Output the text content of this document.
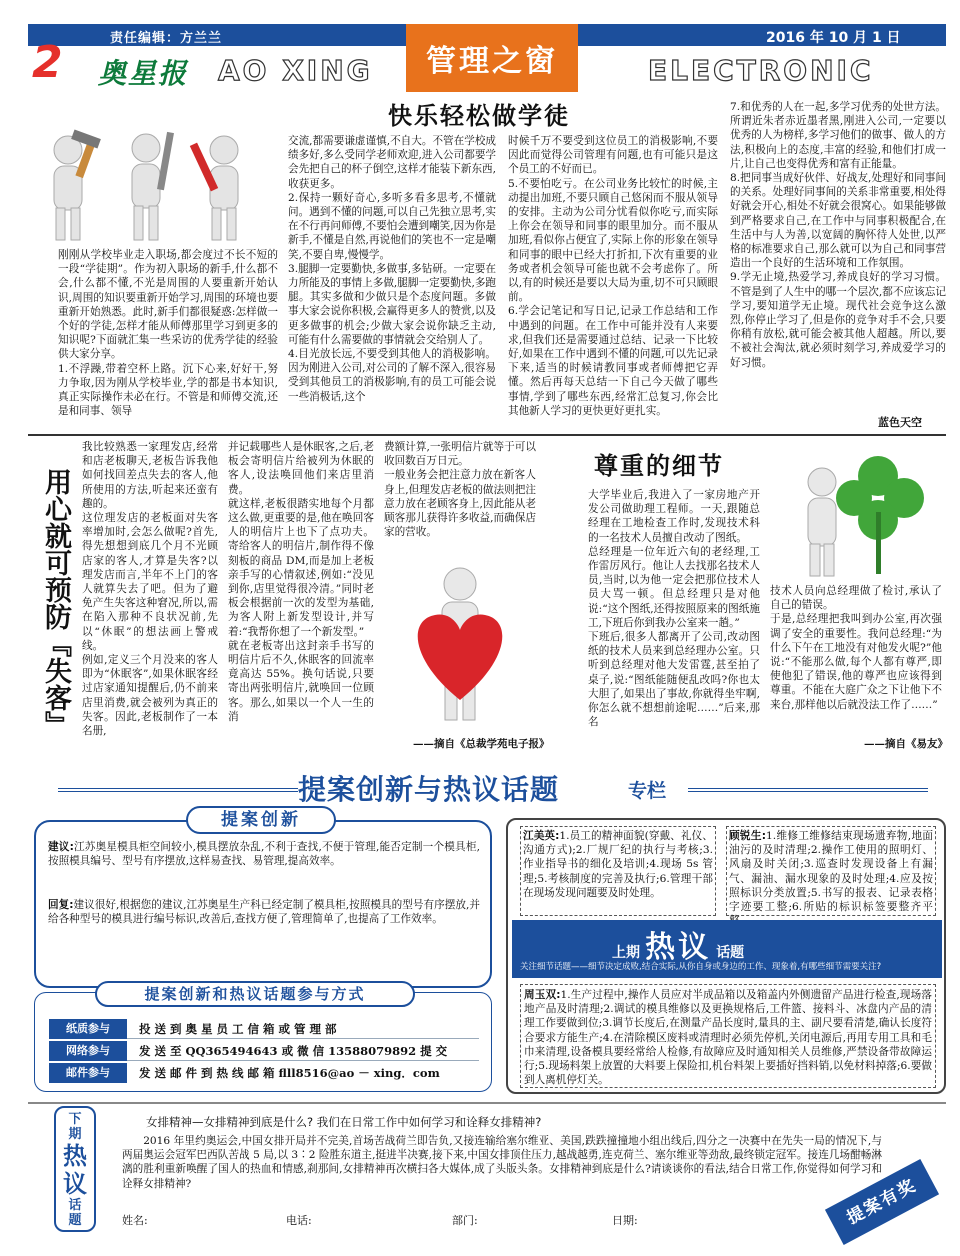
2	责任编辑：方兰兰
奥星报 AO XING	管理之窗
2016 年 10 月 1 日
ELECTRONIC
快乐轻松做学徒
刚刚从学校毕业走入职场,都会度过不长不短的一段“学徒期”。作为初入职场的新手,什么都不会,什么都不懂,不光是周围的人要重新开始认识,周围的知识要重新开始学习,周围的环境也要重新开始熟悉。此时,新手们都很疑惑:怎样做一个好的学徒,怎样才能从师傅那里学习到更多的知识呢?下面就汇集一些采访的优秀学徒的经验供大家分享。
1.不浮躁,带着空杯上路。沉下心来,好好干,努力争取,因为刚从学校毕业,学的都是书本知识,真正实际操作未必在行。不管是和师傅交流,还是和同事、领导
交流,都需要谦虚谨慎,不自大。不管在学校成绩多好,多么受同学老师欢迎,进入公司都要学会先把自己的杯子倒空,这样才能装下新东西,收获更多。
2.保持一颗好奇心,多听多看多思考,不懂就问。遇到不懂的问题,可以自己先独立思考,实在不行再问师傅,不要怕会遭到嘲笑,因为你是新手,不懂是自然,再说他们的笑也不一定是嘲笑,不要自卑,慢慢学。
3.腿脚一定要勤快,多做事,多钻研。一定要在力所能及的事情上多做,腿脚一定要勤快,多跑腿。其实多做和少做只是个态度问题。多做事大家会说你积极,会赢得更多人的赞赏,以及更多做事的机会;少做大家会说你缺乏主动,可能有什么需要做的事情就会交给别人了。
4.目光放长远,不要受到其他人的消极影响。因为刚进入公司,对公司的了解不深入,很容易受到其他员工的消极影响,有的员工可能会说一些消极话,这个
时候千万不要受到这位员工的消极影响,不要因此而觉得公司管理有问题,也有可能只是这个员工的不好而已。
5.不要怕吃亏。在公司业务比较忙的时候,主动提出加班,不要只顾自己悠闲而不服从领导的安排。主动为公司分忧看似你吃亏,而实际上你会在领导和同事的眼里加分。而不服从加班,看似你占便宜了,实际上你的形象在领导和同事的眼中已经大打折扣,下次有重要的业务或者机会领导可能也就不会考虑你了。所以,有的时候还是要以大局为重,切不可只顾眼前。
6.学会记笔记和写日记,记录工作总结和工作中遇到的问题。在工作中可能并没有人来要求,但我们还是需要通过总结、记录一下比较好,如果在工作中遇到不懂的问题,可以先记录下来,适当的时候请教同事或者师傅把它弄懂。然后再每天总结一下自己今天做了哪些事情,学到了哪些东西,经常汇总复习,你会比其他新人学习的更快更好更扎实。
7.和优秀的人在一起,多学习优秀的处世方法。所谓近朱者赤近墨者黑,刚进入公司,一定要以优秀的人为榜样,多学习他们的做事、做人的方法,积极向上的态度,丰富的经验,和他们打成一片,让自己也变得优秀和富有正能量。
8.把同事当成好伙伴、好战友,处理好和同事间的关系。处理好同事间的关系非常重要,相处得好就会开心,相处不好就会很窝心。如果能够做到严格要求自己,在工作中与同事积极配合,在生活中与人为善,以宽阔的胸怀待人处世,以严格的标准要求自己,那么就可以为自己和同事营造出一个良好的生活环境和工作氛围。
9.学无止境,热爱学习,养成良好的学习习惯。不管是到了人生中的哪一个层次,都不应该忘记学习,要知道学无止境。现代社会竞争这么激烈,你停止学习了,但是你的竞争对手不会,只要你稍有放松,就可能会被其他人超越。所以,要不被社会淘汰,就必须时刻学习,养成爱学习的好习惯。
蓝色天空
用心就可预防『失客』
我比较熟悉一家理发店,经常和店老板聊天,老板告诉我他如何找回差点失去的客人,他所使用的方法,听起来还蛮有趣的。
这位理发店的老板面对失客率增加时,会怎么做呢?首先,得先想想到底几个月不光顾店家的客人,才算是失客?以理发店而言,半年不上门的客人就算失去了吧。但为了避免产生失客这种窘况,所以,需在陷入那种不良状况前,先以“休眠”的想法画上警戒线。
例如,定义三个月没来的客人即为“休眠客”,如果休眠客经过店家通知提醒后,仍不前来店里消费,就会被列为真正的失客。因此,老板制作了一本名册,
并记载哪些人是休眠客,之后,老板会寄明信片给被列为休眠的客人,设法唤回他们来店里消费。
就这样,老板很踏实地每个月都这么做,更重要的是,他在唤回客人的明信片上也下了点功夫。寄给客人的明信片,制作得不像刻板的商品 DM,而是加上老板亲手写的心情叙述,例如:“没见到你,店里觉得很冷清。”同时老板会根据前一次的发型为基础,为客人附上新发型设计,并写着:“我帮你想了一个新发型。”
就在老板寄出这封亲手书写的明信片后不久,休眠客的回流率竟高达 55%。换句话说,只要寄出两张明信片,就唤回一位顾客。那么,如果以一个人一生的消
费额计算,一张明信片就等于可以收回数百万日元。
一般业务会把注意力放在新客人身上,但理发店老板的做法则把注意力放在老顾客身上,因此能从老顾客那儿获得许多收益,而确保店家的营收。
——摘自《总裁学苑电子报》
尊重的细节
大学毕业后,我进入了一家房地产开发公司做助理工程师。一天,跟随总经理在工地检查工作时,发现技术科的一名技术人员擅自改动了图纸。
总经理是一位年近六旬的老经理,工作雷厉风行。他让人去找那名技术人员,当时,以为他一定会把那位技术人员大骂一顿。但总经理只是对他说:“这个图纸,还得按照原来的图纸施工,下班后你到我办公室来一趟。”
下班后,很多人都离开了公司,改动图纸的技术人员来到总经理办公室。只听到总经理对他大发雷霆,甚至拍了桌子,说:“图纸能随便乱改吗?你也太大胆了,如果出了事故,你就得坐牢啊,你怎么就不想想前途呢……”后来,那名
技术人员向总经理做了检讨,承认了自己的错误。
于是,总经理把我叫到办公室,再次强调了安全的重要性。我问总经理:“为什么下午在工地没有对他发火呢?”他说:“不能那么做,每个人都有尊严,即使他犯了错误,他的尊严也应该得到尊重。不能在大庭广众之下让他下不来台,那样他以后就没法工作了……”
——摘自《易友》
提案创新与热议话题	专栏
提案创新
建议:江苏奥星模具柜空间较小,模具摆放杂乱,不利于查找,不便于管理,能否定制一个模具柜,按照模具编号、型号有序摆放,这样易查找、易管理,提高效率。
回复:建议很好,根据您的建议,江苏奥星生产科已经定制了模具柜,按照模具的型号有序摆放,并给各种型号的模具进行编号标识,改善后,查找方便了,管理简单了,也提高了工作效率。
提案创新和热议话题参与方式
纸质参与	投 送 到 奥 星 员 工 信 箱 或 管 理 部
网络参与	发 送 至 QQ365494643 或 微 信 13588079892 提 交
邮件参与	发 送 邮 件 到 热 线 邮 箱 flll8516@ao － xing．com
江美英:1.员工的精神面貌(穿戴、礼仪、沟通方式);2.厂规厂纪的执行与考核;3.作业指导书的细化及培训;4.现场 5s 管理;5.考核制度的完善及执行;6.管理干部在现场发现问题要及时处理。
顾锐生:1.维修工维修结束现场遗弃物,地面油污的及时清理;2.操作工使用的照明灯、风扇及时关闭;3.巡查时发现设备上有漏气、漏油、漏水现象的及时处理;4.应及按照标识分类放置;5.书写的报表、记录表格字迹要工整;6.所贴的标识标签要整齐平
上期 热议 话题
关注细节话题——细节决定成败,结合实际,从你自身或身边的工作、现象着,有哪些细节需要关注?
周玉双:1.生产过程中,操作人员应对半成品箱以及箱盖内外侧遗留产品进行检查,现场落地产品及时清理;2.调试的模具维修以及更换规格后,工件篮、接料斗、冰盘内产品的清理工作要做到位;3.调节长度后,在测量产品长度时,量具的主、副尺要看清楚,确认长度符合要求方能生产;4.在清除模区废料或清理时必须先停机,关闭电源后,再用专用工具和毛巾来清理,设备模具要经常给人检修,有故障应及时通知相关人员维修,严禁设备带故障运行;5.现场料架上放置的大料要上保险扣,机台料架上要插好挡料销,以免材料掉落;6.要做到人离机停灯关。
下
期
热
议
话
题
女排精神—女排精神到底是什么? 我们在日常工作中如何学习和诠释女排精神?
2016 年里约奥运会,中国女排开局并不完美,首场苦战荷兰即告负,又接连输给塞尔维亚、美国,跌跌撞撞地小组出线后,四分之一决赛中在先失一局的情况下,与两届奥运会冠军巴西队苦战 5 局,以 3∶2 险胜东道主,挺进半决赛,接下来,中国女排顶住压力,越战越勇,连克荷兰、塞尔维亚等劲敌,最终锁定冠军。接连几场酣畅淋漓的胜利重新唤醒了国人的热血和情感,刹那间,女排精神再次横扫各大媒体,成了头版头条。女排精神到底是什么?请谈谈你的看法,结合日常工作,你觉得如何学习和诠释女排精神?
姓名:	电话:	部门:	日期:	提案有奖
